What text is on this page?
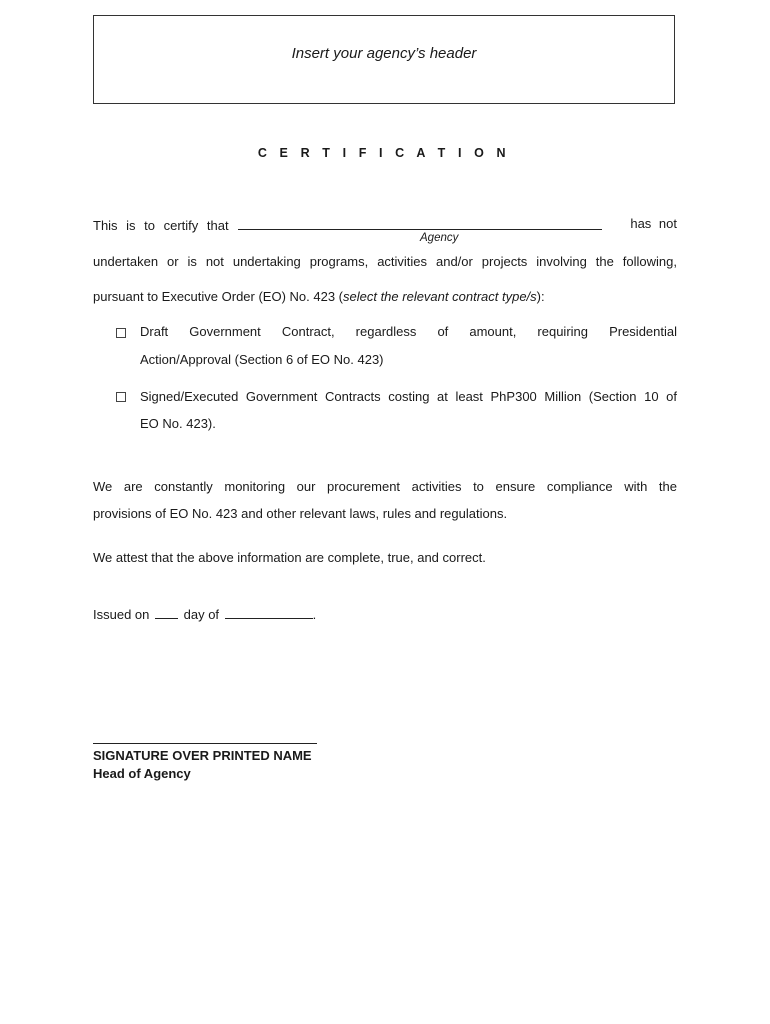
Insert your agency’s header
C E R T I F I C A T I O N
This is to certify that	has not
Agency
undertaken or is not undertaking programs, activities and/or projects involving the following,
pursuant to Executive Order (EO) No. 423 (select the relevant contract type/s):
Draft Government Contract, regardless of amount, requiring Presidential
Action/Approval (Section 6 of EO No. 423)
Signed/Executed Government Contracts costing at least PhP300 Million (Section 10 of
EO No. 423).
We are constantly monitoring our procurement activities to ensure compliance with the
provisions of EO No. 423 and other relevant laws, rules and regulations.
We attest that the above information are complete, true, and correct.
Issued on	day of	.
SIGNATURE OVER PRINTED NAME
Head of Agency
